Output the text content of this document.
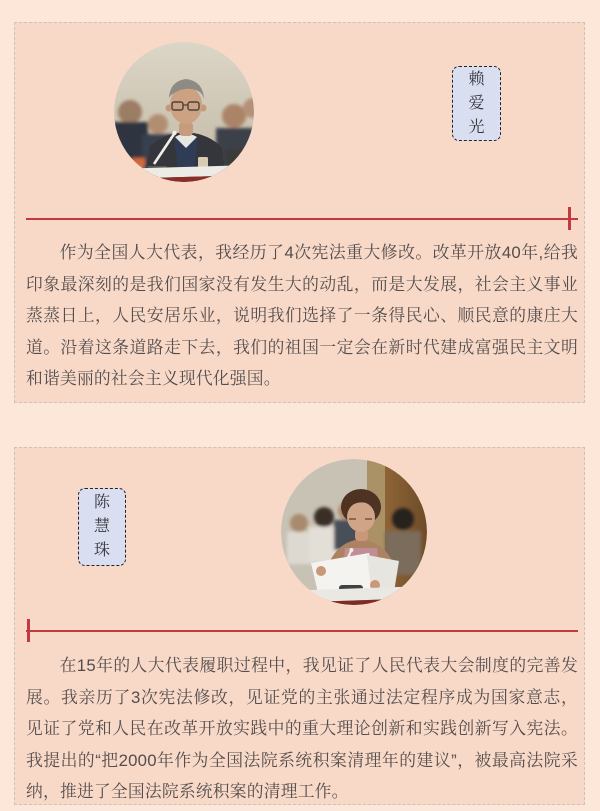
赖
爱
光

作为全国人大代表，我经历了4次宪法重大修改。改革开放40年,给我印象最深刻的是我们国家没有发生大的动乱，而是大发展，社会主义事业蒸蒸日上，人民安居乐业，说明我们选择了一条得民心、顺民意的康庄大道。沿着这条道路走下去，我们的祖国一定会在新时代建成富强民主文明和谐美丽的社会主义现代化强国。

陈
慧
珠

在15年的人大代表履职过程中，我见证了人民代表大会制度的完善发展。我亲历了3次宪法修改，见证党的主张通过法定程序成为国家意志，见证了党和人民在改革开放实践中的重大理论创新和实践创新写入宪法。我提出的“把2000年作为全国法院系统积案清理年的建议”，被最高法院采纳，推进了全国法院系统积案的清理工作。
